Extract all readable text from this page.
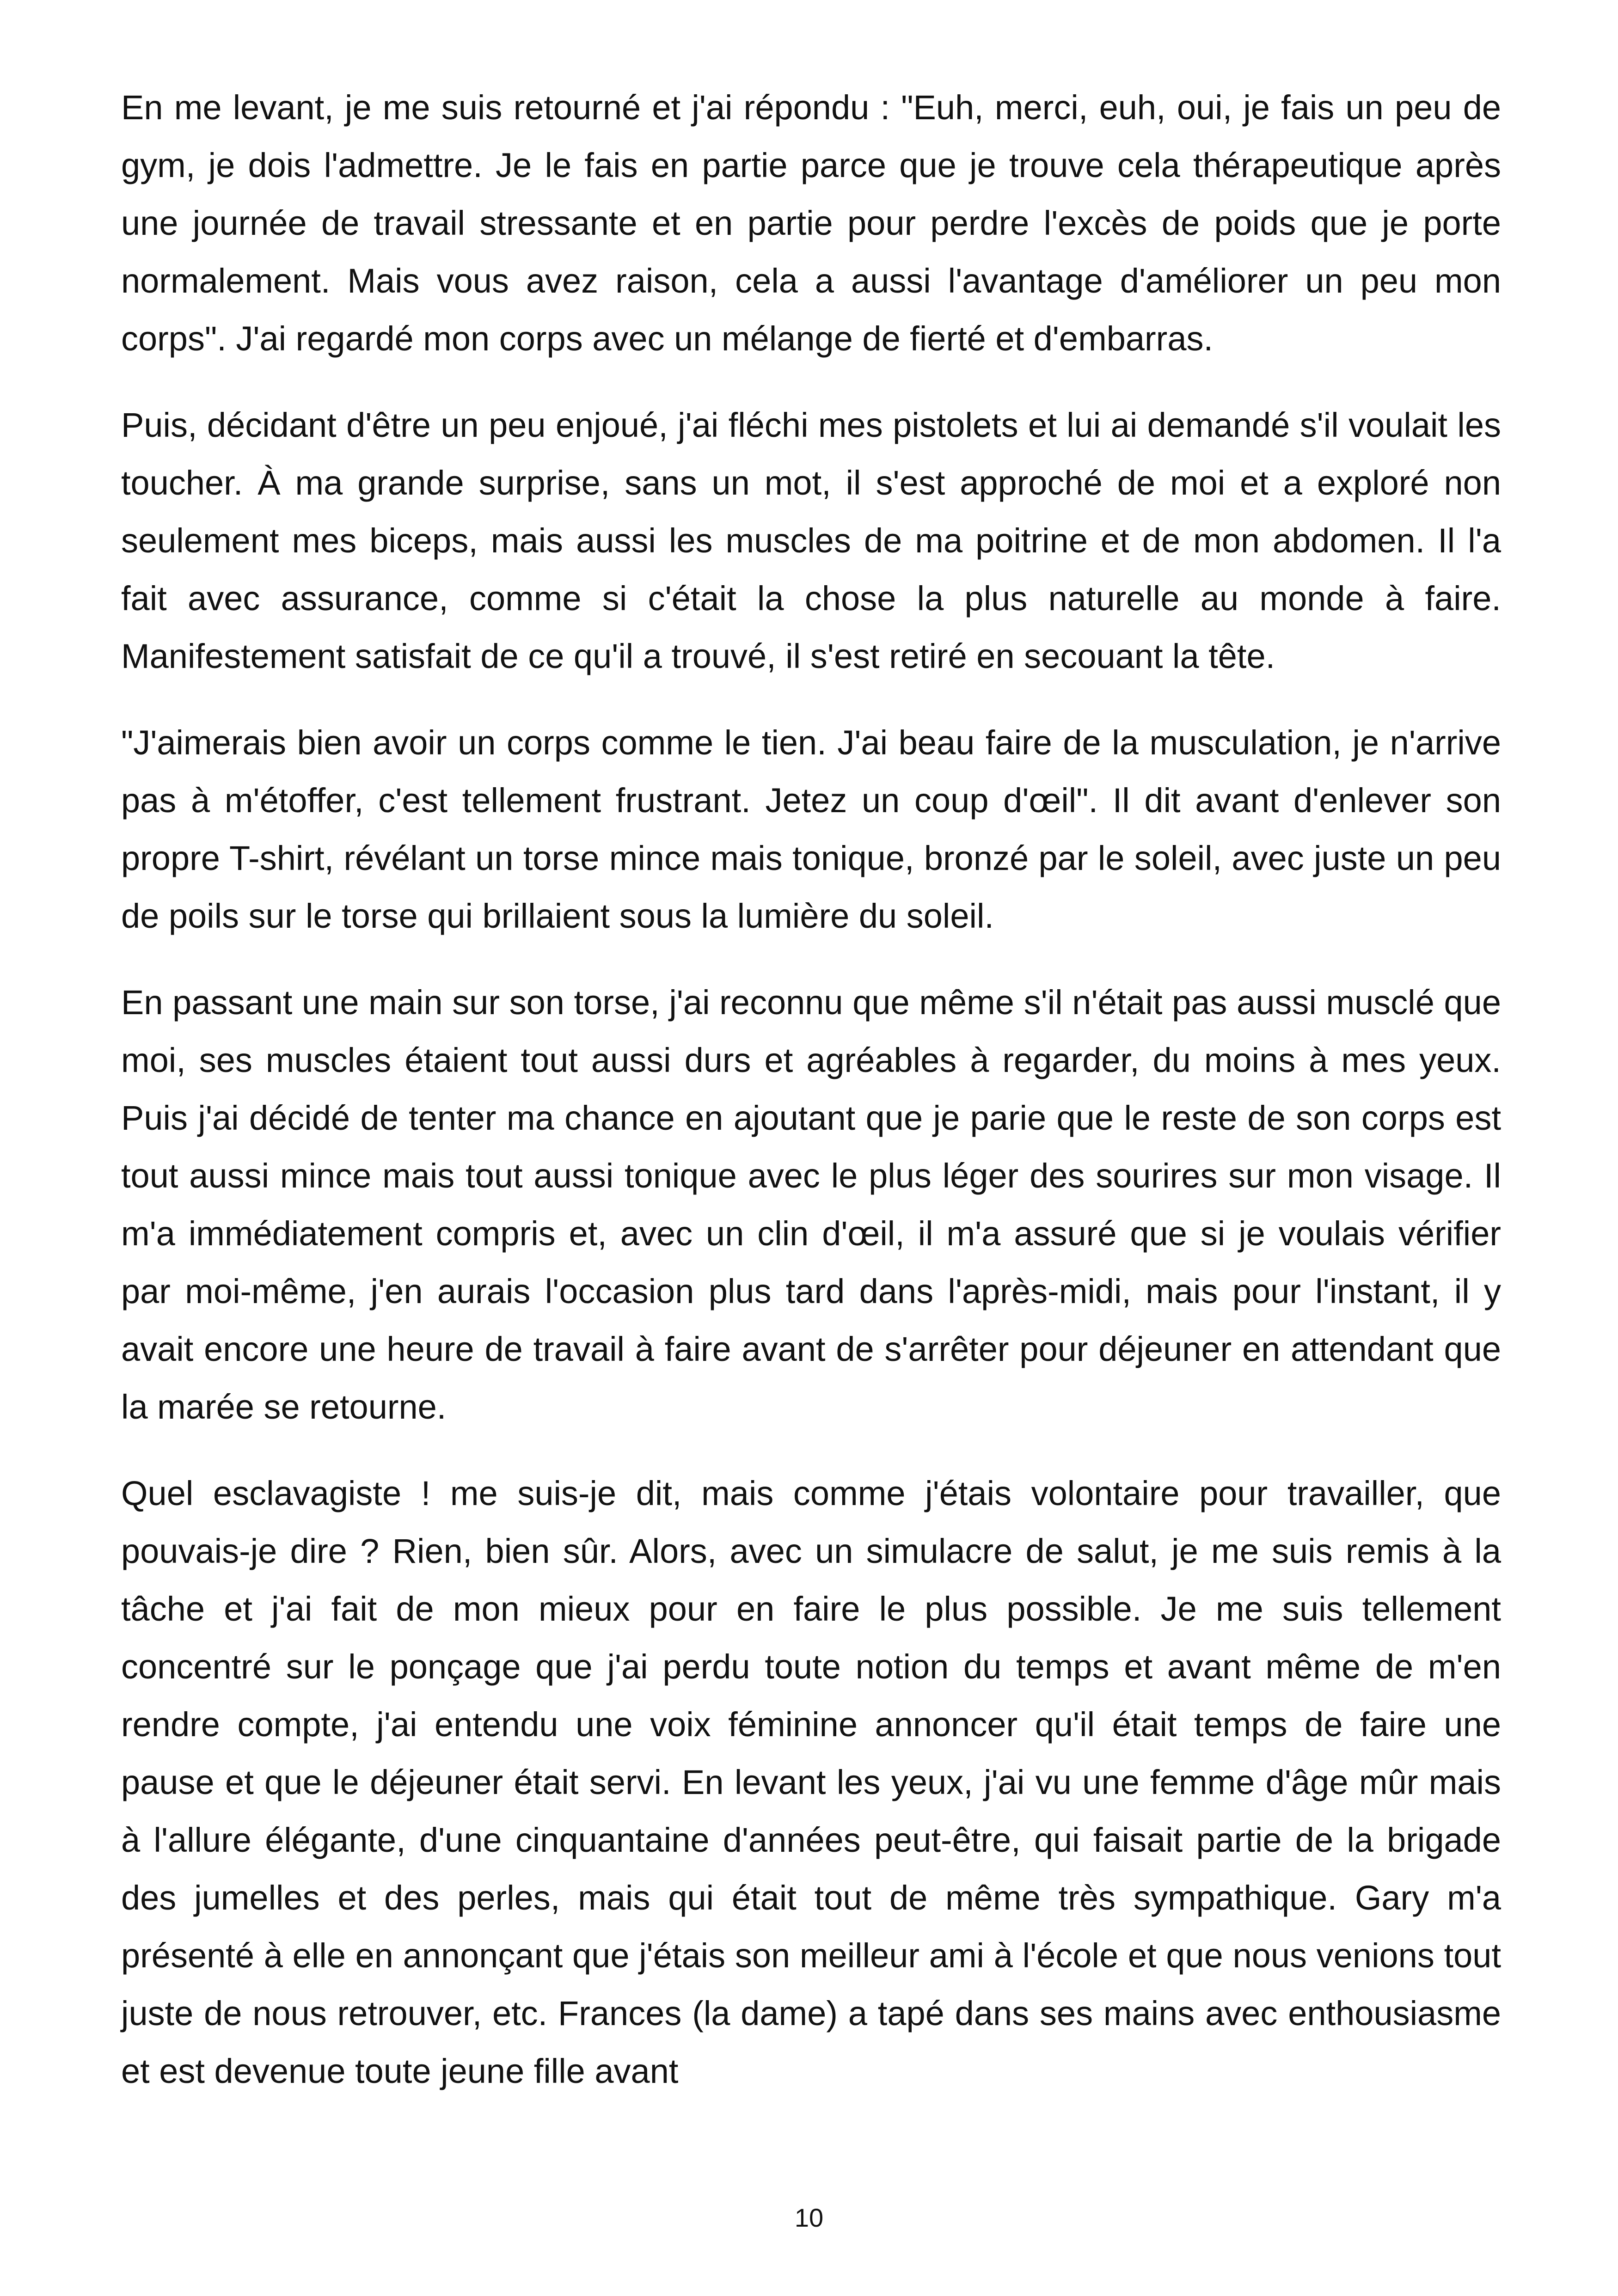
En me levant, je me suis retourné et j'ai répondu : "Euh, merci, euh, oui, je fais un peu de gym, je dois l'admettre. Je le fais en partie parce que je trouve cela thérapeutique après une journée de travail stressante et en partie pour perdre l'excès de poids que je porte normalement. Mais vous avez raison, cela a aussi l'avantage d'améliorer un peu mon corps". J'ai regardé mon corps avec un mélange de fierté et d'embarras.

Puis, décidant d'être un peu enjoué, j'ai fléchi mes pistolets et lui ai demandé s'il voulait les toucher. À ma grande surprise, sans un mot, il s'est approché de moi et a exploré non seulement mes biceps, mais aussi les muscles de ma poitrine et de mon abdomen. Il l'a fait avec assurance, comme si c'était la chose la plus naturelle au monde à faire. Manifestement satisfait de ce qu'il a trouvé, il s'est retiré en secouant la tête.

"J'aimerais bien avoir un corps comme le tien. J'ai beau faire de la musculation, je n'arrive pas à m'étoffer, c'est tellement frustrant. Jetez un coup d'œil". Il dit avant d'enlever son propre T-shirt, révélant un torse mince mais tonique, bronzé par le soleil, avec juste un peu de poils sur le torse qui brillaient sous la lumière du soleil.

En passant une main sur son torse, j'ai reconnu que même s'il n'était pas aussi musclé que moi, ses muscles étaient tout aussi durs et agréables à regarder, du moins à mes yeux. Puis j'ai décidé de tenter ma chance en ajoutant que je parie que le reste de son corps est tout aussi mince mais tout aussi tonique avec le plus léger des sourires sur mon visage. Il m'a immédiatement compris et, avec un clin d'œil, il m'a assuré que si je voulais vérifier par moi-même, j'en aurais l'occasion plus tard dans l'après-midi, mais pour l'instant, il y avait encore une heure de travail à faire avant de s'arrêter pour déjeuner en attendant que la marée se retourne.

Quel esclavagiste ! me suis-je dit, mais comme j'étais volontaire pour travailler, que pouvais-je dire ? Rien, bien sûr. Alors, avec un simulacre de salut, je me suis remis à la tâche et j'ai fait de mon mieux pour en faire le plus possible. Je me suis tellement concentré sur le ponçage que j'ai perdu toute notion du temps et avant même de m'en rendre compte, j'ai entendu une voix féminine annoncer qu'il était temps de faire une pause et que le déjeuner était servi. En levant les yeux, j'ai vu une femme d'âge mûr mais à l'allure élégante, d'une cinquantaine d'années peut-être, qui faisait partie de la brigade des jumelles et des perles, mais qui était tout de même très sympathique. Gary m'a présenté à elle en annonçant que j'étais son meilleur ami à l'école et que nous venions tout juste de nous retrouver, etc. Frances (la dame) a tapé dans ses mains avec enthousiasme et est devenue toute jeune fille avant

10
